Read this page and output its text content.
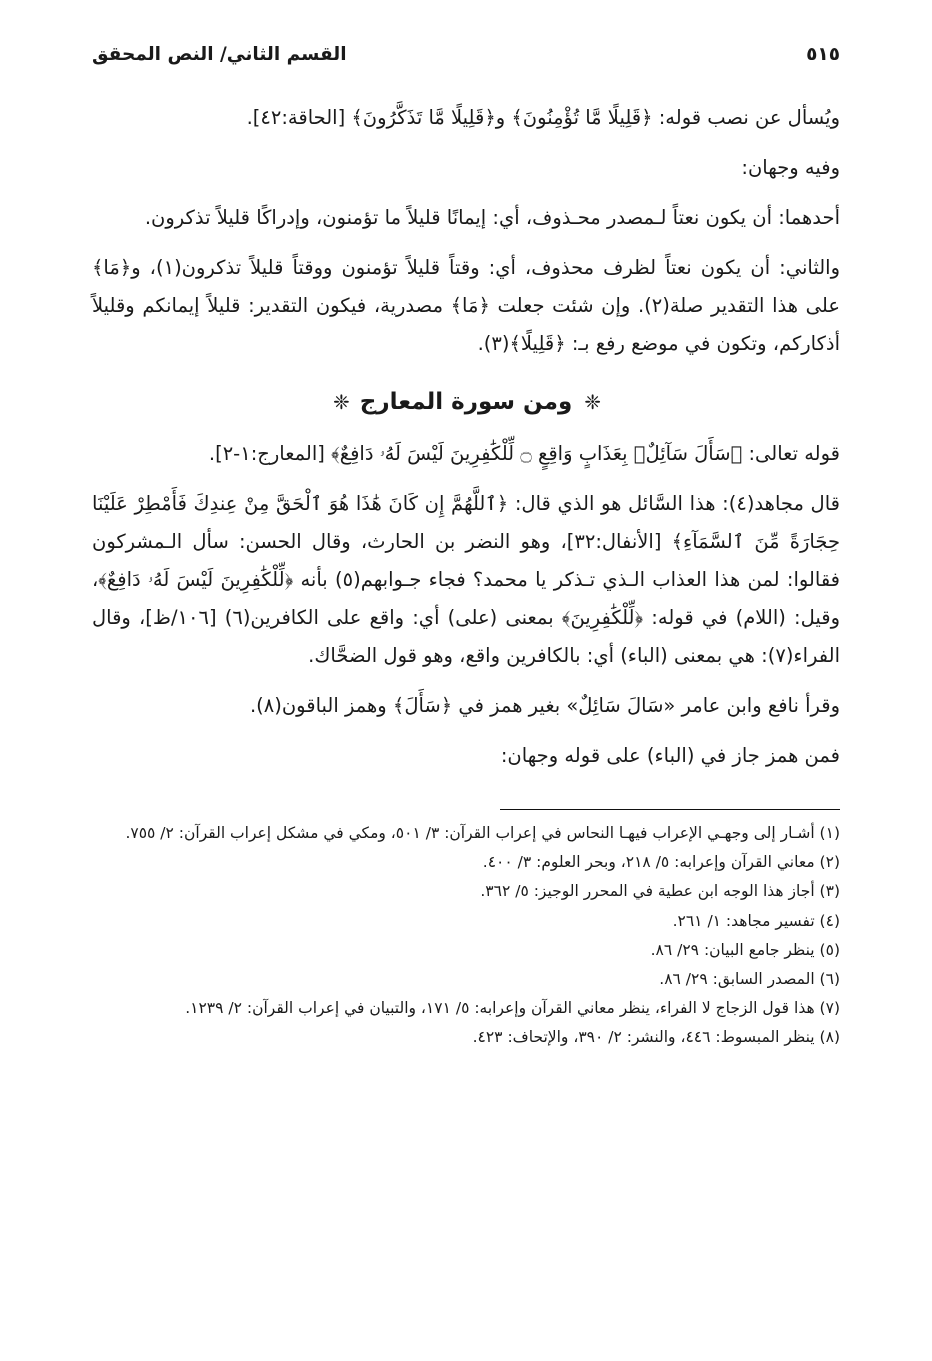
القسم الثاني/ النص المحقق	٥١٥

ويُسأل عن نصب قوله: ﴿قَلِيلًا مَّا تُؤْمِنُونَ﴾ و﴿قَلِيلًا مَّا تَذَكَّرُونَ﴾ [الحاقة:٤٢].

وفيه وجهان:

أحدهما: أن يكون نعتاً لـمصدر محـذوف، أي: إيمانًا قليلاً ما تؤمنون، وإدراكًا قليلاً تذكرون.

والثاني: أن يكون نعتاً لظرف محذوف، أي: وقتاً قليلاً تؤمنون ووقتاً قليلاً تذكرون(١)، و﴿مَا﴾ على هذا التقدير صلة(٢). وإن شئت جعلت ﴿مَا﴾ مصدرية، فيكون التقدير: قليلاً إيمانكم وقليلاً أذكاركم، وتكون في موضع رفع بـ: ﴿قَلِيلًا﴾(٣).

❈
ومن سورة المعارج
❈

قوله تعالى: ﴿سَأَلَ سَآئِلٌۢ بِعَذَابٍ وَاقِعٍ ۝ لِّلْكَٰفِرِينَ لَيْسَ لَهُۥ دَافِعٌ﴾ [المعارج:١-٢].

قال مجاهد(٤): هذا السَّائل هو الذي قال: ﴿ٱللَّهُمَّ إِن كَانَ هَٰذَا هُوَ ٱلْحَقَّ مِنْ عِندِكَ فَأَمْطِرْ عَلَيْنَا حِجَارَةً مِّنَ ٱلسَّمَآءِ﴾ [الأنفال:٣٢]، وهو النضر بن الحارث، وقال الحسن: سأل الـمشركون فقالوا: لمن هذا العذاب الـذي تـذكر يا محمد؟ فجاء جـوابهم(٥) بأنه ﴿لِّلْكَٰفِرِينَ لَيْسَ لَهُۥ دَافِعٌ﴾، وقيل: (اللام) في قوله: ﴿لِّلْكَٰفِرِينَ﴾ بمعنى (على) أي: واقع على الكافرين(٦) [١٠٦/ظ]، وقال الفراء(٧): هي بمعنى (الباء) أي: بالكافرين واقع، وهو قول الضحَّاك.

وقرأ نافع وابن عامر «سَالَ سَائِلٌ» بغير همز في ﴿سَأَلَ﴾ وهمز الباقون(٨).

فمن همز جاز في (الباء) على قوله وجهان:

(١) أشـار إلى وجهـي الإعراب فيهـا النحاس في إعراب القرآن: ٣/ ٥٠١، ومكي في مشكل إعراب القرآن: ٢/ ٧٥٥.

(٢) معاني القرآن وإعرابه: ٥/ ٢١٨، وبحر العلوم: ٣/ ٤٠٠.

(٣) أجاز هذا الوجه ابن عطية في المحرر الوجيز: ٥/ ٣٦٢.

(٤) تفسير مجاهد: ١/ ٢٦١.

(٥) ينظر جامع البيان: ٢٩/ ٨٦.

(٦) المصدر السابق: ٢٩/ ٨٦.

(٧) هذا قول الزجاج لا الفراء، ينظر معاني القرآن وإعرابه: ٥/ ١٧١، والتبيان في إعراب القرآن: ٢/ ١٢٣٩.

(٨) ينظر المبسوط: ٤٤٦، والنشر: ٢/ ٣٩٠، والإتحاف: ٤٢٣.
